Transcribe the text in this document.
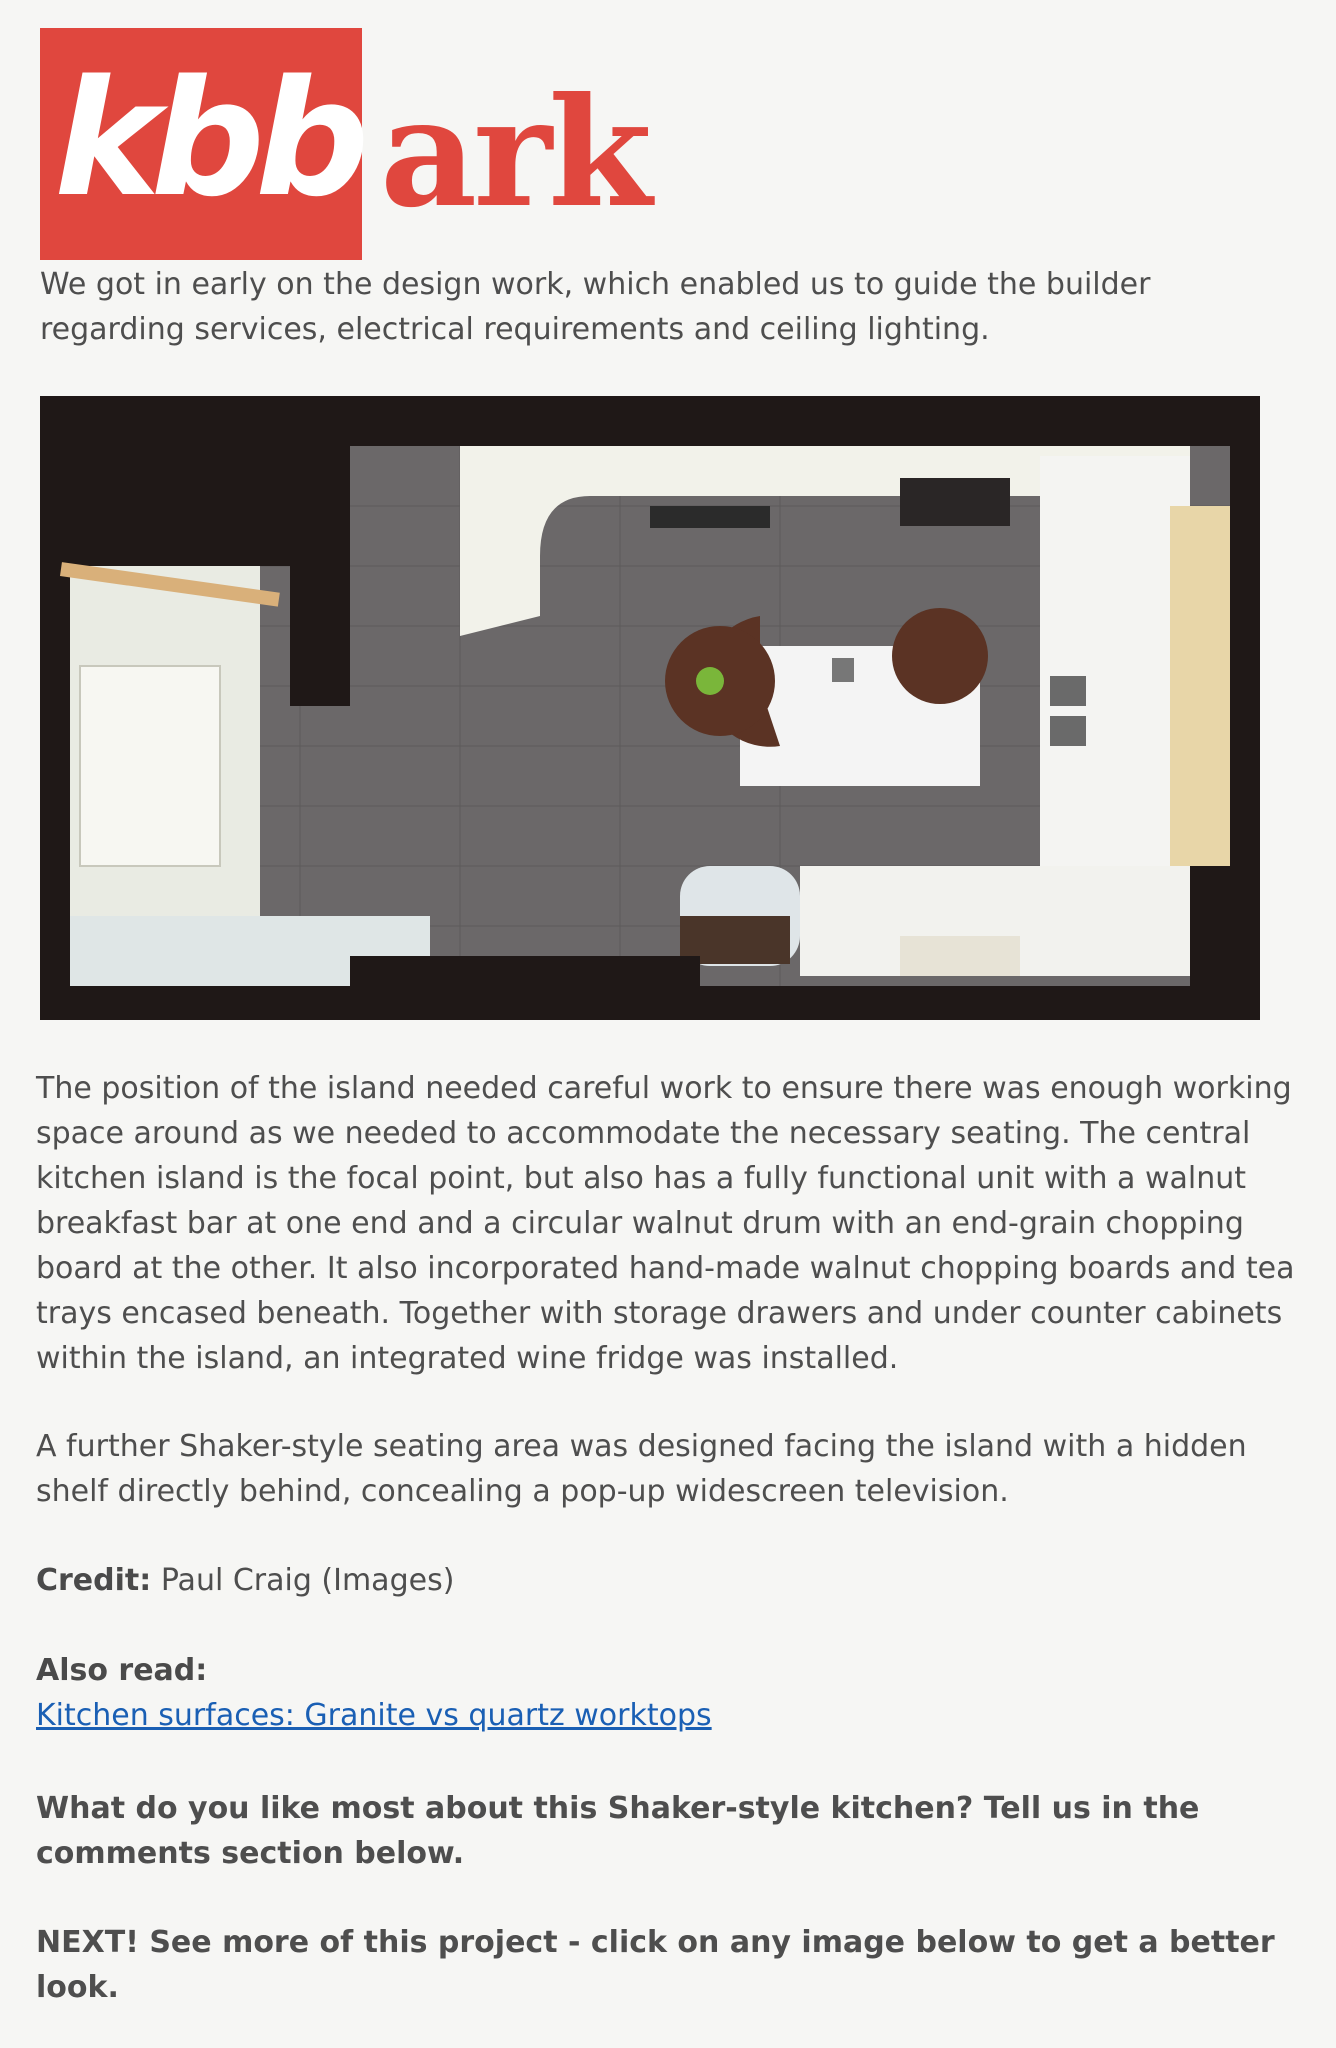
kbb ark

We got in early on the design work, which enabled us to guide the builder regarding services, electrical requirements and ceiling lighting.

The position of the island needed careful work to ensure there was enough working space around as we needed to accommodate the necessary seating. The central kitchen island is the focal point, but also has a fully functional unit with a walnut breakfast bar at one end and a circular walnut drum with an end-grain chopping board at the other. It also incorporated hand-made walnut chopping boards and tea trays encased beneath. Together with storage drawers and under counter cabinets within the island, an integrated wine fridge was installed.

A further Shaker-style seating area was designed facing the island with a hidden shelf directly behind, concealing a pop-up widescreen television.

Credit: Paul Craig (Images)

Also read:
Kitchen surfaces: Granite vs quartz worktops

What do you like most about this Shaker-style kitchen? Tell us in the comments section below.

NEXT! See more of this project - click on any image below to get a better look.
